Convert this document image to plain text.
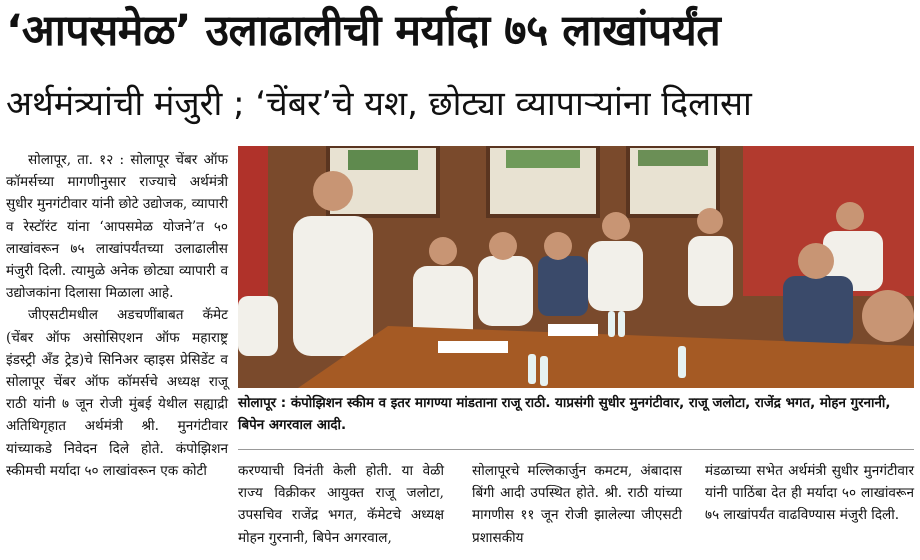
‘आपसमेळ’ उलाढालीची मर्यादा ७५ लाखांपर्यंत
अर्थमंत्र्यांची मंजुरी ; ‘चेंबर’चे यश, छोट्या व्यापाऱ्यांना दिलासा

सोलापूर, ता. १२ : सोलापूर चेंबर ऑफ कॉमर्सच्या मागणीनुसार राज्याचे अर्थमंत्री सुधीर मुनगंटीवार यांनी छोटे उद्योजक, व्यापारी व रेस्टॉरंट यांना ‘आपसमेळ योजने’त ५० लाखांवरून ७५ लाखांपर्यंतच्या उलाढालीस मंजुरी दिली. त्यामुळे अनेक छोट्या व्यापारी व उद्योजकांना दिलासा मिळाला आहे.

जीएसटीमधील अडचणींबाबत कॅमेट (चेंबर ऑफ असोसिएशन ऑफ महाराष्ट्र इंडस्ट्री अँड ट्रेड)चे सिनिअर व्हाइस प्रेसिडेंट व सोलापूर चेंबर ऑफ कॉमर्सचे अध्यक्ष राजू राठी यांनी ७ जून रोजी मुंबई येथील सह्याद्री अतिथिगृहात अर्थमंत्री श्री. मुनगंटीवार यांच्याकडे निवेदन दिले होते. कंपोझिशन स्कीमची मर्यादा ५० लाखांवरून एक कोटी

सोलापूर : कंपोझिशन स्कीम व इतर मागण्या मांडताना राजू राठी. याप्रसंगी सुधीर मुनगंटीवार, राजू जलोटा, राजेंद्र भगत, मोहन गुरनानी, बिपेन अगरवाल आदी.

करण्याची विनंती केली होती. या वेळी राज्य विक्रीकर आयुक्त राजू जलोटा, उपसचिव राजेंद्र भगत, कॅमेटचे अध्यक्ष मोहन गुरनानी, बिपेन अगरवाल,

सोलापूरचे मल्लिकार्जुन कमटम, अंबादास बिंगी आदी उपस्थित होते. श्री. राठी यांच्या मागणीस ११ जून रोजी झालेल्या जीएसटी प्रशासकीय

मंडळाच्या सभेत अर्थमंत्री सुधीर मुनगंटीवार यांनी पाठिंबा देत ही मर्यादा ५० लाखांवरून ७५ लाखांपर्यंत वाढविण्यास मंजुरी दिली.
